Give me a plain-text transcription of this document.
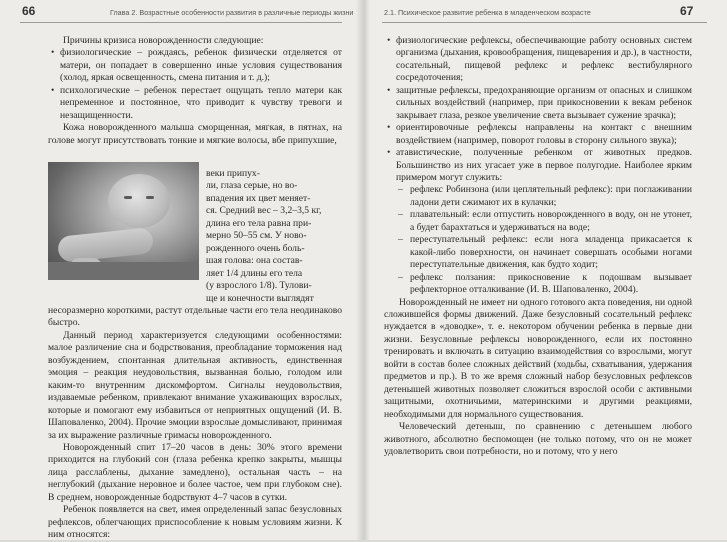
66	Глава 2. Возрастные особенности развития в различные периоды жизни

Причины кризиса новорожденности следующие:

• физиологические – рождаясь, ребенок физически отделяется от матери, он попадает в совершенно иные условия существования (холод, яркая освещенность, смена питания и т. д.);

• психологические – ребенок перестает ощущать тепло матери как непременное и постоянное, что приводит к чувству тревоги и незащищенности.

Кожа новорожденного малыша сморщенная, мягкая, в пятнах, на голове могут присутствовать тонкие и мягкие волосы, вбе припухшие,

веки припух-

ли, глаза серые, но во-

впадения их цвет меняет-

ся. Средний вес – 3,2–3,5 кг,

длина его тела равна при-

мерно 50–55 см. У ново-

рожденного очень боль-

шая голова: она состав-

ляет 1/4 длины его тела

(у взрослого 1/8). Тулови-

ще и конечности выглядят

несоразмерно короткими, растут отдельные части его тела неодинаково быстро.

Данный период характеризуется следующими особенностями: малое различение сна и бодрствования, преобладание торможения над возбуждением, спонтанная длительная активность, единственная эмоция – реакция неудовольствия, вызванная болью, голодом или каким-то внутренним дискомфортом. Сигналы неудовольствия, издаваемые ребенком, привлекают внимание ухаживающих взрослых, которые и помогают ему избавиться от неприятных ощущений (И. В. Шаповаленко, 2004). Прочие эмоции взрослые домысливают, принимая за их выражение различные гримасы новорожденного.

Новорожденный спит 17–20 часов в день: 30% этого времени приходится на глубокий сон (глаза ребенка крепко закрыты, мышцы лица расслаблены, дыхание замедлено), остальная часть – на неглубокий (дыхание неровное и более частое, чем при глубоком сне). В среднем, новорожденные бодрствуют 4–7 часов в сутки.

Ребенок появляется на свет, имея определенный запас безусловных рефлексов, облегчающих приспособление к новым условиям жизни. К ним относятся:

2.1. Психическое развитие ребенка в младенческом возрасте	67

• физиологические рефлексы, обеспечивающие работу основных систем организма (дыхания, кровообращения, пищеварения и др.), в частности, сосательный, пищевой рефлекс и рефлекс вестибулярного сосредоточения;

• защитные рефлексы, предохраняющие организм от опасных и слишком сильных воздействий (например, при прикосновении к векам ребенок закрывает глаза, резкое увеличение света вызывает сужение зрачка);

• ориентировочные рефлексы направлены на контакт с внешним воздействием (например, поворот головы в сторону сильного звука);

• атавистические, полученные ребенком от животных предков. Большинство из них угасает уже в первое полугодие. Наиболее ярким примером могут служить:

– рефлекс Робинзона (или цеплятельный рефлекс): при поглаживании ладони дети сжимают их в кулачки;

– плавательный: если отпустить новорожденного в воду, он не утонет, а будет барахтаться и удерживаться на воде;

– переступательный рефлекс: если нога младенца прикасается к какой-либо поверхности, он начинает совершать особыми ногами переступательные движения, как будто ходит;

– рефлекс ползания: прикосновение к подошвам вызывает рефлекторное отталкивание (И. В. Шаповаленко, 2004).

Новорожденный не имеет ни одного готового акта поведения, ни одной сложившейся формы движений. Даже безусловный сосательный рефлекс нуждается в «доводке», т. е. некотором обучении ребенка в первые дни жизни. Безусловные рефлексы новорожденного, если их постоянно тренировать и включать в ситуацию взаимодействия со взрослыми, могут войти в состав более сложных действий (ходьбы, схватывания, удержания предметов и пр.). В то же время сложный набор безусловных рефлексов детенышей животных позволяет сложиться взрослой особи с активными защитными, охотничьими, материнскими и другими реакциями, необходимыми для нормального существования.

Человеческий детеныш, по сравнению с детенышем любого животного, абсолютно беспомощен (не только потому, что он не может удовлетворить свои потребности, но и потому, что у него
